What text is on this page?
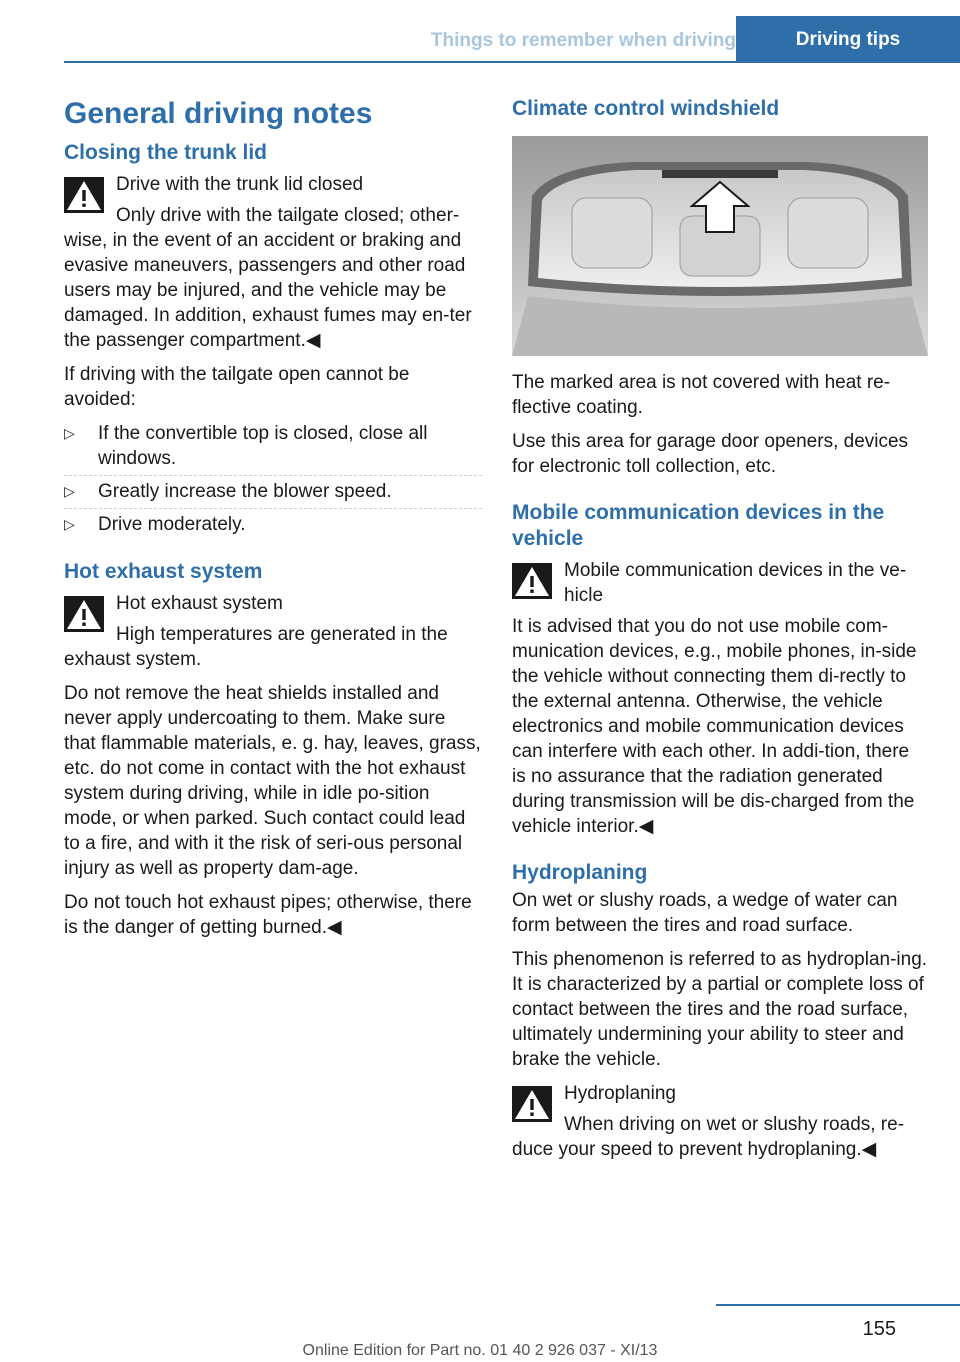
Things to remember when driving	Driving tips
General driving notes
Closing the trunk lid

Drive with the trunk lid closed

Only drive with the tailgate closed; other‐wise, in the event of an accident or braking and evasive maneuvers, passengers and other road users may be injured, and the vehicle may be damaged. In addition, exhaust fumes may en‐ter the passenger compartment.◀

If driving with the tailgate open cannot be avoided:

▷ If the convertible top is closed, close all windows.
▷ Greatly increase the blower speed.
▷ Drive moderately.
Hot exhaust system

Hot exhaust system

High temperatures are generated in the exhaust system.

Do not remove the heat shields installed and never apply undercoating to them. Make sure that flammable materials, e. g. hay, leaves, grass, etc. do not come in contact with the hot exhaust system during driving, while in idle po‐sition mode, or when parked. Such contact could lead to a fire, and with it the risk of seri‐ous personal injury as well as property dam‐age.

Do not touch hot exhaust pipes; otherwise, there is the danger of getting burned.◀

Climate control windshield

The marked area is not covered with heat re‐flective coating.

Use this area for garage door openers, devices for electronic toll collection, etc.

Mobile communication devices in the vehicle

Mobile communication devices in the ve‐hicle

It is advised that you do not use mobile com‐munication devices, e.g., mobile phones, in‐side the vehicle without connecting them di‐rectly to the external antenna. Otherwise, the vehicle electronics and mobile communication devices can interfere with each other. In addi‐tion, there is no assurance that the radiation generated during transmission will be dis‐charged from the vehicle interior.◀

Hydroplaning

On wet or slushy roads, a wedge of water can form between the tires and road surface.

This phenomenon is referred to as hydroplan‐ing. It is characterized by a partial or complete loss of contact between the tires and the road surface, ultimately undermining your ability to steer and brake the vehicle.

Hydroplaning

When driving on wet or slushy roads, re‐duce your speed to prevent hydroplaning.◀

155
Online Edition for Part no. 01 40 2 926 037 - XI/13
